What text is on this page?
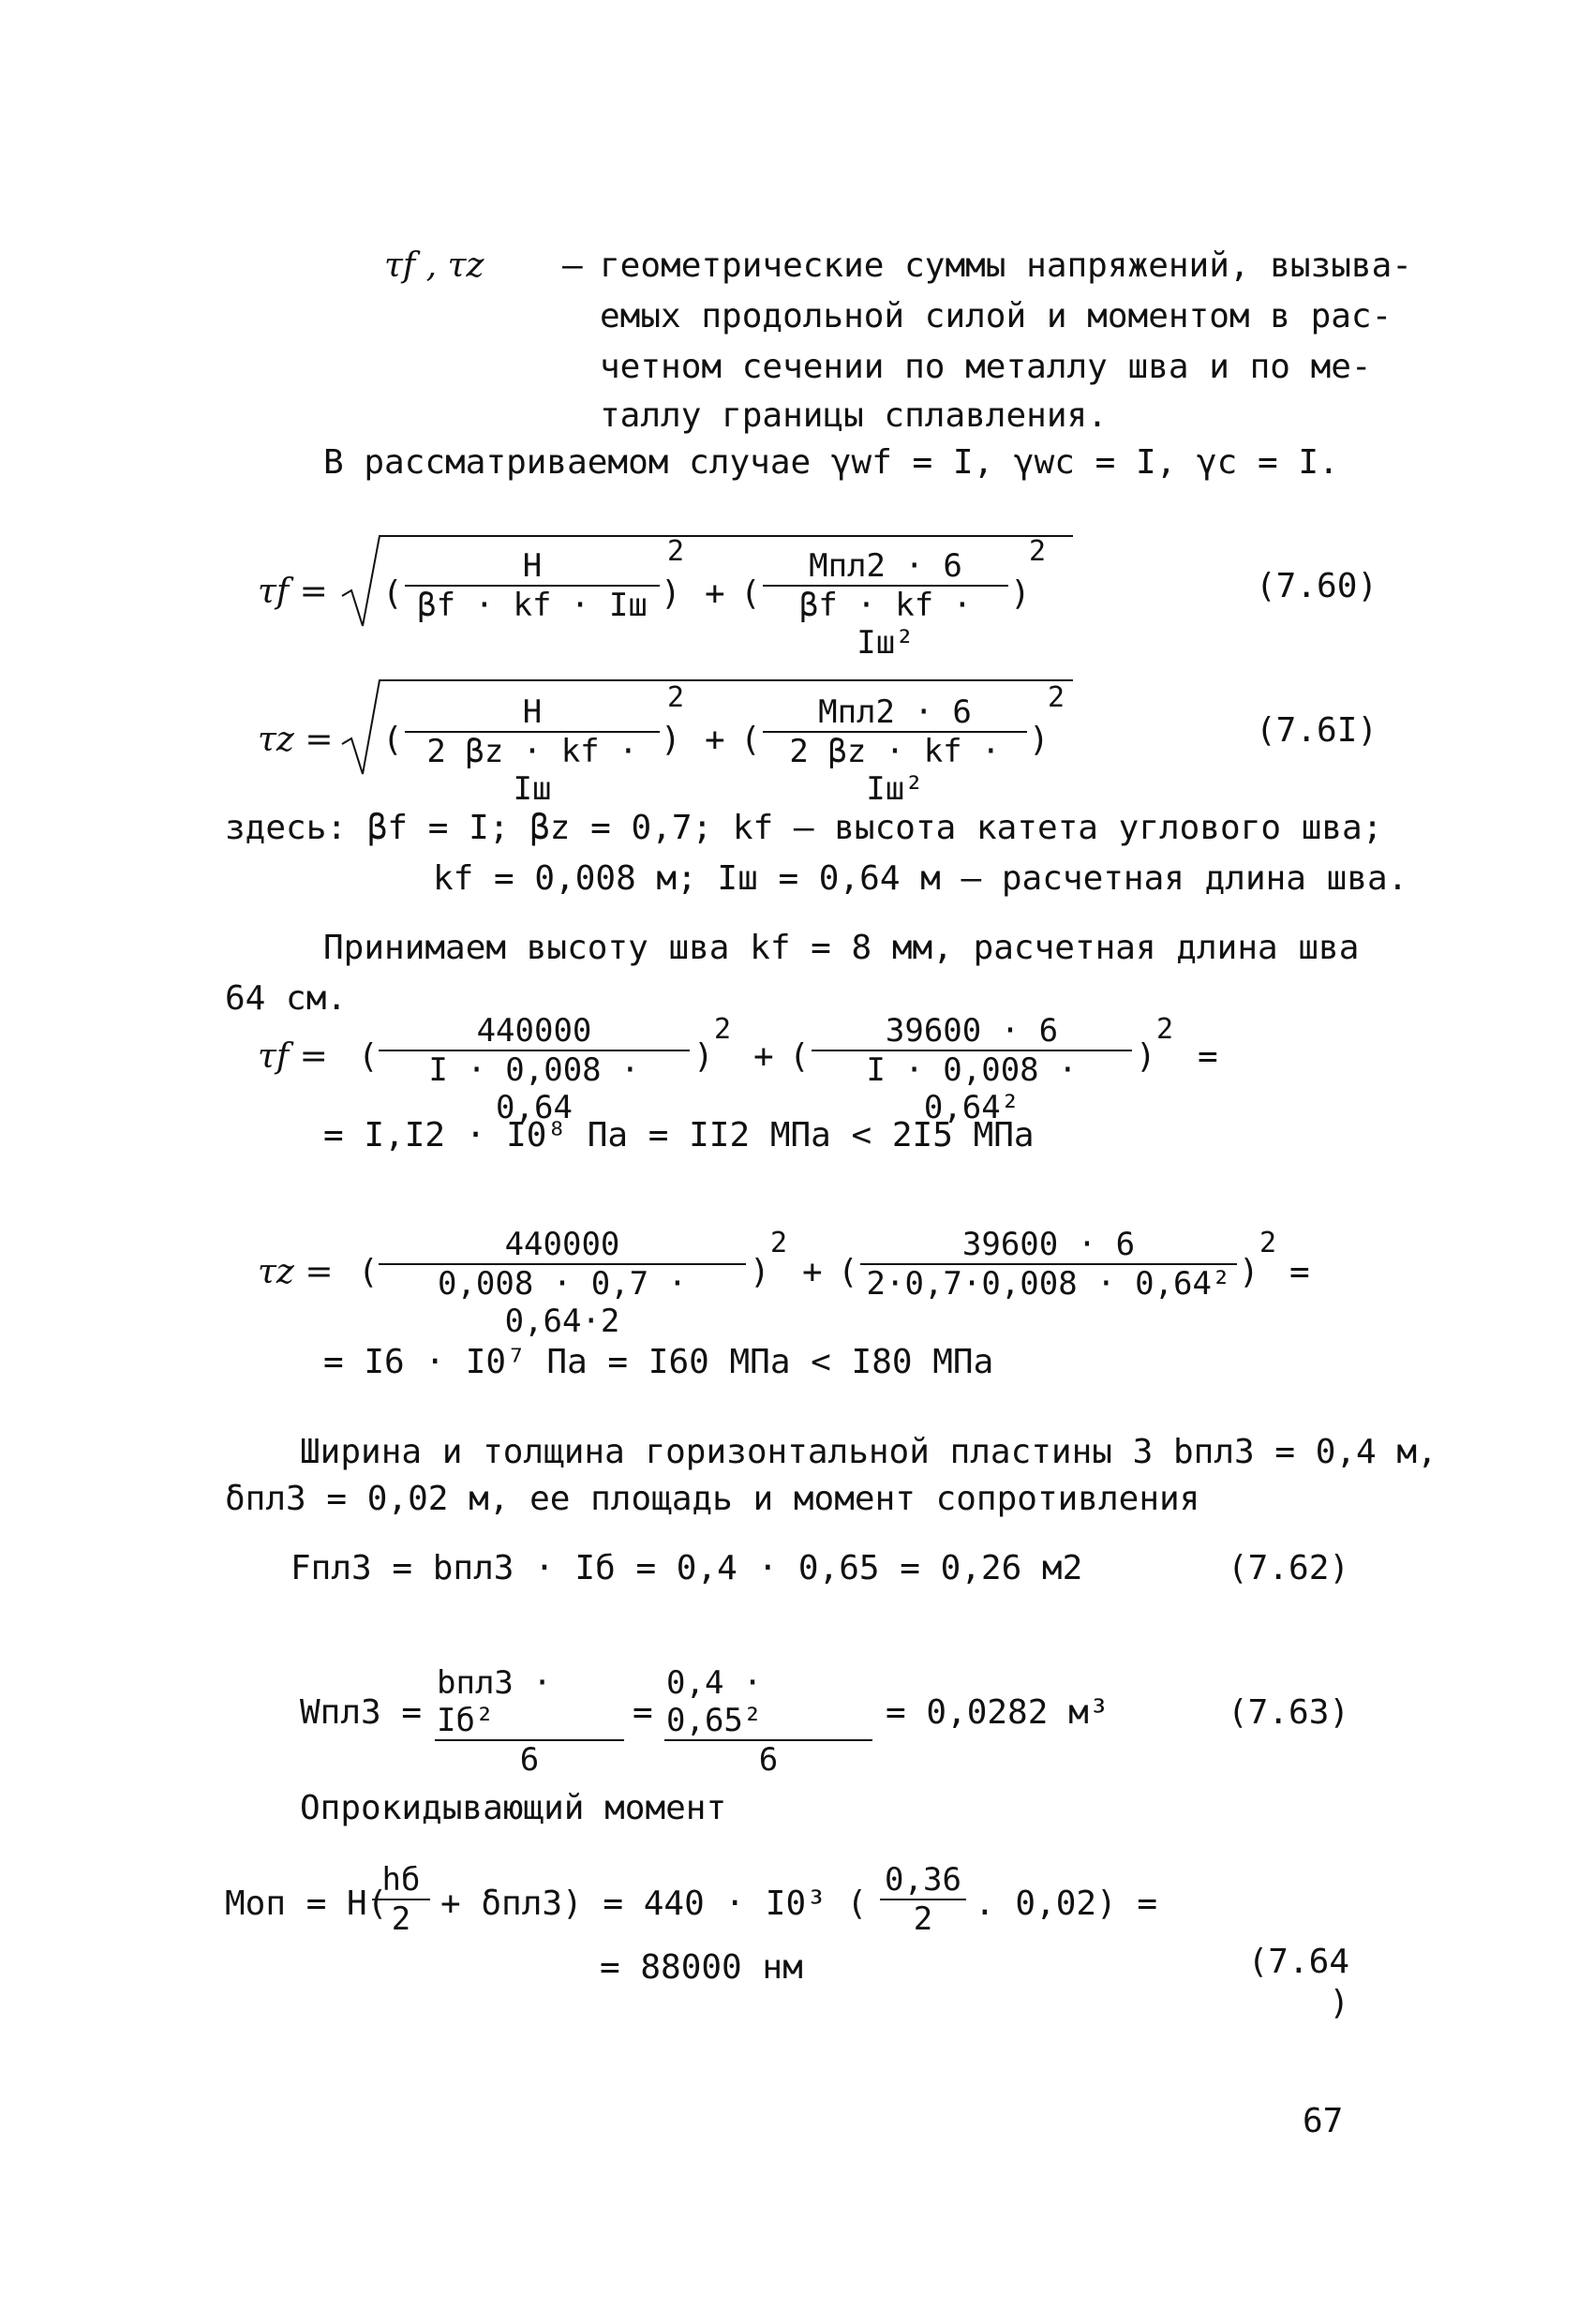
τf , τz – геометрические суммы напряжений, вызыва-
емых продольной силой и моментом в рас-
четном сечении по металлу шва и по ме-
таллу границы сплавления.
В рассматриваемом случае γwf = I, γwc = I, γc = I.
τf = (
H
βf · kf · Iш )
2
+ (
Mпл2 · 6
βf · kf · Iш²
)
2
(7.60)
τz = (
H
2 βz · kf · Iш
)
2
+ (
Mпл2 · 6
2 βz · kf · Iш²
)
2
(7.6I)
здесь: βf = I; βz = 0,7; kf – высота катета углового шва;
kf = 0,008 м; Iш = 0,64 м – расчетная длина шва.
Принимаем высоту шва kf = 8 мм, расчетная длина шва
64 см.
τf = (
$\frac{440000}{I \cdot 0,008 \cdot 0,64}$ )
2
+ (
$\frac{39600 \cdot 6}{\text{I · 0,008 · 0,64²}}$ )
2
=
= I,I2 · I0⁸ Па = II2 МПа < 2I5 МПа
τz = (
$\frac{440000}{0,008 \cdot 0,7 \cdot 0,64\cdot 2}$ )
2
+ (
$\frac{39600 \cdot 6}{\text{2·0,7·0,008 · 0,64²}}$
)
2
=
= I6 · I0⁷ Па = I60 МПа < I80 МПа
Ширина и толщина горизонтальной пластины 3 bпл3 = 0,4 м,
δпл3 = 0,02 м, ее площадь и момент сопротивления
Fпл3 = bпл3 · Iб = 0,4 · 0,65 = 0,26 м2	(7.62)
Wпл3 =
bпл3 · Iб²
6
= $\frac{\text{0,4 · 0,65²}}{6} = 0,0282$ м³	(7.63)
Опрокидывающий момент
Mоп = H(
hб
2 + δпл3) = 440 · I0³ ( $\frac{0,36}{2}$ . 0,02) =
= 88000 нм	(7.64 )
67
